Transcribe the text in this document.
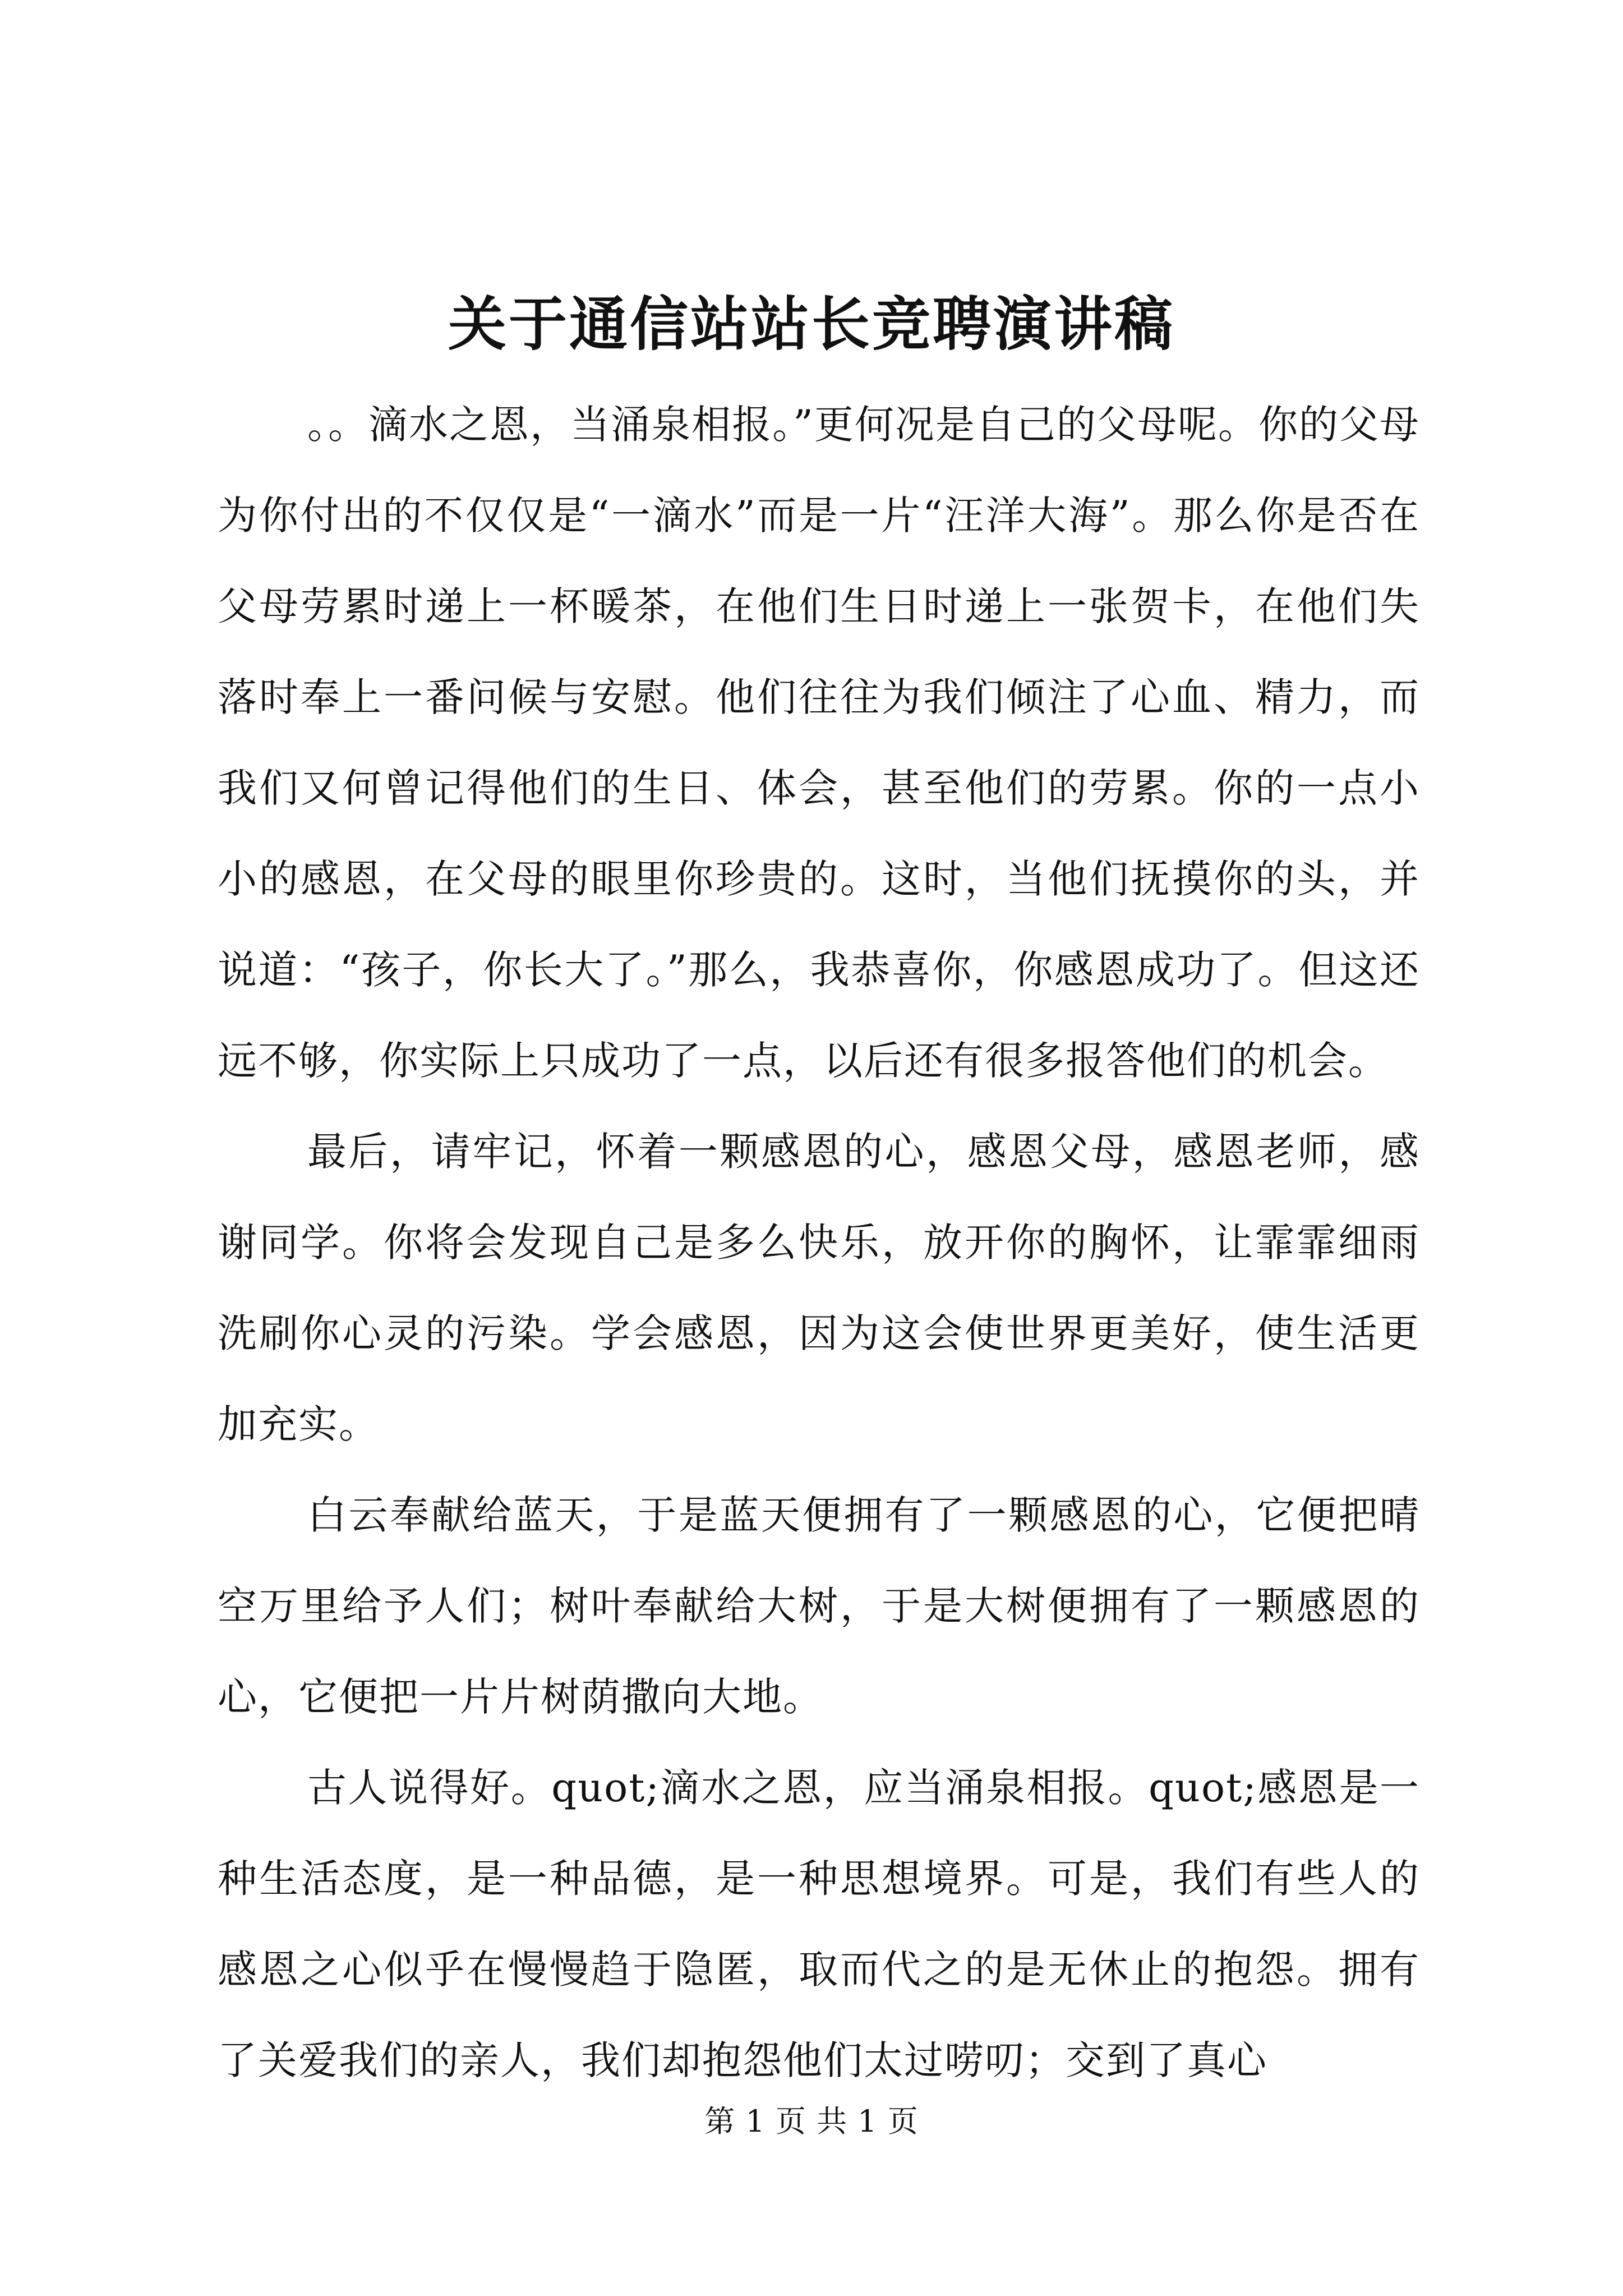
关于通信站站长竞聘演讲稿

。。滴水之恩，当涌泉相报。”更何况是自己的父母呢。你的父母为你付出的不仅仅是“一滴水”而是一片“汪洋大海”。那么你是否在父母劳累时递上一杯暖茶，在他们生日时递上一张贺卡，在他们失落时奉上一番问候与安慰。他们往往为我们倾注了心血、精力，而我们又何曾记得他们的生日、体会，甚至他们的劳累。你的一点小小的感恩，在父母的眼里你珍贵的。这时，当他们抚摸你的头，并说道：“孩子，你长大了。”那么，我恭喜你，你感恩成功了。但这还远不够，你实际上只成功了一点，以后还有很多报答他们的机会。

最后，请牢记，怀着一颗感恩的心，感恩父母，感恩老师，感谢同学。你将会发现自己是多么快乐，放开你的胸怀，让霏霏细雨洗刷你心灵的污染。学会感恩，因为这会使世界更美好，使生活更加充实。

白云奉献给蓝天，于是蓝天便拥有了一颗感恩的心，它便把晴空万里给予人们；树叶奉献给大树，于是大树便拥有了一颗感恩的心，它便把一片片树荫撒向大地。

古人说得好。quot;滴水之恩，应当涌泉相报。quot;感恩是一种生活态度，是一种品德，是一种思想境界。可是，我们有些人的感恩之心似乎在慢慢趋于隐匿，取而代之的是无休止的抱怨。拥有了关爱我们的亲人，我们却抱怨他们太过唠叨；交到了真心

第 1 页 共 1 页
